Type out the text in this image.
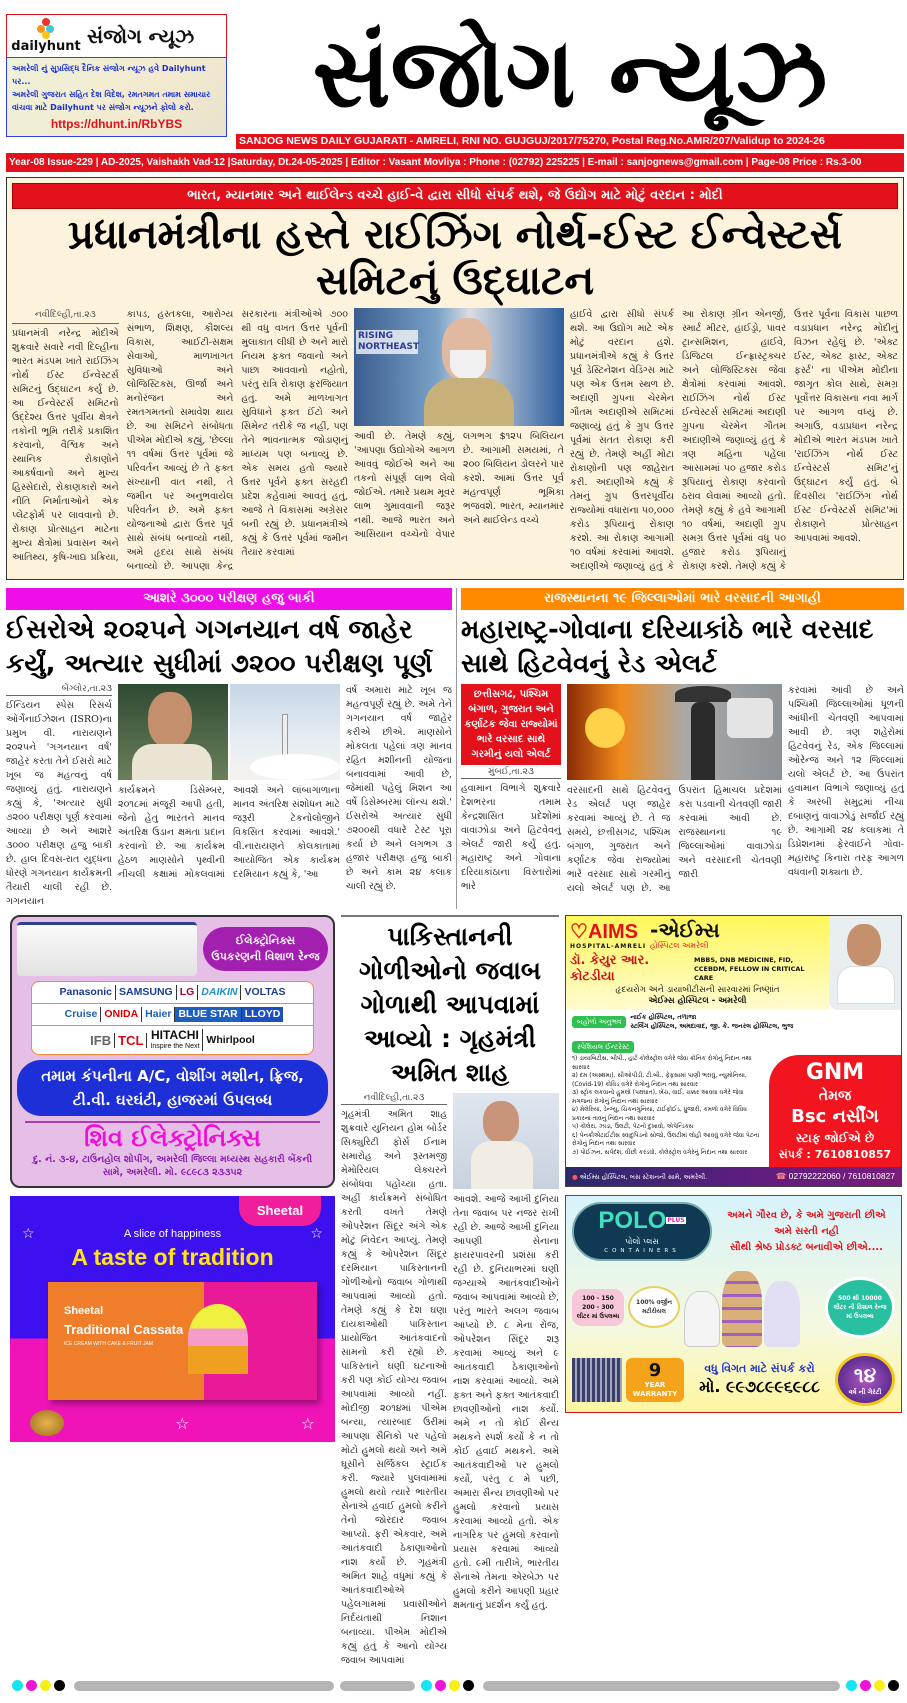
dailyhunt સંજોગ ન્યૂઝ
અમરેલી નું સુપ્રસિદ્ધ દૈનિક સંજોગ ન્યૂઝ હવે Dailyhunt પર...
અમરેલી ગુજરાત સહિત દેશ વિદેશ, રમતગમત તમામ સમાચાર
વાંચવા માટે Dailyhunt પર સંજોગ ન્યૂઝને ફોલો કરો.
https://dhunt.in/RbYBS	સંજોગ ન્યૂઝ
SANJOG NEWS DAILY GUJARATI - AMRELI, RNI NO. GUJGUJ/2017/75270, Postal Reg.No.AMR/207/Validup to 2024-26
Year-08 Issue-229 | AD-2025, Vaishakh Vad-12 |Saturday, Dt.24-05-2025 | Editor : Vasant Movliya : Phone : (02792) 225225 | E-mail : sanjognews@gmail.com | Page-08 Price : Rs.3-00
ભારત, મ્યાનમાર અને થાઈલેન્ડ વચ્ચે હાઈ-વે દ્વારા સીધો સંપર્ક થશે, જે ઉદ્યોગ માટે મોટું વરદાન : મોદી
પ્રધાનમંત્રીના હસ્તે રાઈઝિંગ નોર્થ-ઈસ્ટ ઈન્વેસ્ટર્સ સમિટનું ઉદ્ઘાટન
નવીદિલ્હી,તા.૨૩
પ્રધાનમંત્રી નરેન્દ્ર મોદીએ શુક્રવારે સવારે નવી દિલ્હીના ભારત મંડપમ ખાતે રાઈઝિંગ નોર્થ ઈસ્ટ ઈન્વેસ્ટર્સ સમિટનું ઉદ્ઘાટન કર્યું છે. આ ઈન્વેસ્ટર્સ સમિટનો ઉદ્દેશ્ય ઉત્તર પૂર્વીય ક્ષેત્રને તકોની ભૂમિ તરીકે પ્રકાશિત કરવાનો, વૈશ્વિક અને સ્થાનિક રોકાણોને આકર્ષવાનો અને મુખ્ય હિસ્સેદારો, રોકાણકારો અને નીતિ નિર્માતાઓને એક પ્લેટફોર્મ પર લાવવાનો છે. રોકાણ પ્રોત્સાહન માટેના મુખ્ય ક્ષેત્રોમાં પ્રવાસન અને આતિથ્ય, કૃષિ-ખાદ્ય પ્રક્રિયા, કાપડ, હસ્તકલા, આરોગ્ય સંભાળ, શિક્ષણ, કૌશલ્ય વિકાસ, આઈટી-સક્ષમ સેવાઓ, માળખાગત સુવિધાઓ અને લોજિસ્ટિક્સ, ઊર્જા અને મનોરંજન અને રમતગમતનો સમાવેશ થાય છે. આ સમિટને સંબોધતા પીએમ મોદીએ કહ્યું, 'છેલ્લા ૧૧ વર્ષમાં ઉત્તર પૂર્વમાં જે પરિવર્તન આવ્યું છે તે ફક્ત સંખ્યાની વાત નથી, તે જમીન પર અનુભવાયેલ પરિવર્તન છે. અમે ફક્ત યોજનાઓ દ્વારા ઉત્તર પૂર્વ સાથે સંબંધ બનાવ્યો નથી, અમે હૃદય સાથે સંબંધ બનાવ્યો છે. આપણા કેન્દ્ર સરકારના મંત્રીઓએ ૭૦૦ થી વધુ વખત ઉત્તર પૂર્વની મુલાકાત લીધી છે અને મારો નિયમ ફક્ત જવાનો અને પાછા આવવાનો નહોતો, પરંતુ રાત્રિ રોકાણ ફરજિયાત હતું. અમે માળખાગત સુવિધાને ફક્ત ઈંટો અને સિમેન્ટ તરીકે જ નહીં, પણ તેને ભાવનાત્મક જોડાણનું માધ્યમ પણ બનાવ્યું છે. એક સમય હતો જ્યારે ઉત્તર પૂર્વને ફક્ત સરહદી પ્રદેશ કહેવામાં આવતું હતું, આજે તે વિકાસમાં અગ્રેસર બની રહ્યું છે. પ્રધાનમંત્રીએ કહ્યું કે ઉત્તર પૂર્વમાં જમીન તૈયાર કરવામાં
RISING NORTHEAST
આવી છે. તેમણે કહ્યું, 'આપણા ઉદ્યોગોએ આગળ આવવું જોઈએ અને આ તકનો સંપૂર્ણ લાભ લેવો જોઈએ. તમારે પ્રથમ મૂવર લાભ ગુમાવવાની જરૂર નથી. આજે ભારત અને આસિયાન વચ્ચેનો વેપાર લગભગ $૧૨૫ બિલિયન છે. આગામી સમયમાં, તે ૨૦૦ બિલિયન ડોલરને પાર કરશે. આમાં ઉત્તર પૂર્વ મહત્વપૂર્ણ ભૂમિકા ભજવશે. ભારત, મ્યાનમાર અને થાઈલેન્ડ વચ્ચે
હાઈવે દ્વારા સીધો સંપર્ક થશે. આ ઉદ્યોગ માટે એક મોટું વરદાન હશે. પ્રધાનમંત્રીએ કહ્યું કે ઉત્તર પૂર્વ ડેસ્ટિનેશન વેડિંગ્સ માટે પણ એક ઉત્તમ સ્થળ છે. અદાણી ગ્રુપના ચેરમેન ગૌતમ અદાણીએ સમિટમાં જણાવ્યું હતું કે ગ્રુપ ઉત્તર પૂર્વમાં સતત રોકાણ કરી રહ્યું છે. તેમણે અહીં મોટા રોકાણોની પણ જાહેરાત કરી. અદાણીએ કહ્યું કે તેમનું ગ્રુપ ઉત્તરપૂર્વીય રાજ્યોમાં વધારાના ૫૦,૦૦૦ કરોડ રૂપિયાનું રોકાણ કરશે. આ રોકાણ આગામી ૧૦ વર્ષમાં કરવામાં આવશે. અદાણીએ જણાવ્યું હતું કે આ રોકાણ ગ્રીન એનર્જી, સ્માર્ટ મીટર, હાઈડ્રો, પાવર ટ્રાન્સમિશન, હાઈવે, ડિજિટલ ઈન્ફ્રાસ્ટ્રક્ચર અને લોજિસ્ટિક્સ જેવા ક્ષેત્રોમાં કરવામાં આવશે. રાઈઝિંગ નોર્થ ઈસ્ટ ઈન્વેસ્ટર્સ સમિટમાં અદાણી ગ્રુપના ચેરમેન ગૌતમ અદાણીએ જણાવ્યું હતું કે ત્રણ મહિના પહેલા આસામમાં ૫૦ હજાર કરોડ રૂપિયાનું રોકાણ કરવાનો ઠરાવ લેવામાં આવ્યો હતો. તેમણે કહ્યું કે હવે આગામી ૧૦ વર્ષમાં, અદાણી ગ્રુપ સમગ્ર ઉત્તર પૂર્વમાં વધુ ૫૦ હજાર કરોડ રૂપિયાનું રોકાણ કરશે. તેમણે કહ્યું કે ઉત્તર પૂર્વના વિકાસ પાછળ વડાપ્રધાન નરેન્દ્ર મોદીનું વિઝન રહેલું છે. 'એક્ટ ઈસ્ટ, એક્ટ ફાસ્ટ, એક્ટ ફર્સ્ટ' ના પીએમ મોદીના જાગૃત કોલ સાથે, સમગ્ર પૂર્વોત્તર વિકાસના નવા માર્ગ પર આગળ વધ્યું છે. અગાઉ, વડાપ્રધાન નરેન્દ્ર મોદીએ ભારત મંડપમ ખાતે 'રાઈઝિંગ નોર્થ ઈસ્ટ ઈન્વેસ્ટર્સ સમિટ'નું ઉદ્ઘાટન કર્યું હતું. બે દિવસીય 'રાઈઝિંગ નોર્થ ઈસ્ટ ઈન્વેસ્ટર્સ સમિટ'માં રોકાણને પ્રોત્સાહન આપવામાં આવશે.
આશરે ૩૦૦૦ પરીક્ષણ હજુ બાકી
ઈસરોએ ૨૦૨૫ને ગગનયાન વર્ષ જાહેર કર્યું, અત્યાર સુધીમાં ૭૨૦૦ પરીક્ષણ પૂર્ણ
બેંગ્લોર,તા.૨૩
ઈન્ડિયન સ્પેસ રિસર્ચ ઓર્ગેનાઈઝેશન (ISRO)ના પ્રમુખ વી. નારાયણને ૨૦૨૫ને 'ગગનયાન વર્ષ' જાહેર કરતા તેને ઈસરો માટે ખૂબ જ મહત્વનું વર્ષ જણાવ્યું હતું. નારાયણને કહ્યું કે, 'અત્યાર સુધી ૭૨૦૦ પરીક્ષણ પૂર્ણ કરવામાં આવ્યા છે અને આશરે ૩૦૦૦ પરીક્ષણ હજુ બાકી છે. હાલ દિવસ-રાત યુદ્ધના ધોરણે ગગનયાન કાર્યક્રમની તૈયારી ચાલી રહી છે. ગગનયાન
કાર્યક્રમને ડિસેમ્બર, ૨૦૧૮માં મંજૂરી આપી હતી, જેનો હેતુ ભારતને માનવ અંતરિક્ષ ઉડાન ક્ષમતા પ્રદાન કરવાનો છે. આ કાર્યક્રમ હેઠળ માણસોને પૃથ્વીની નીચલી કક્ષામાં મોકલવામાં આવશે અને લાંબાગાળાના માનવ અંતરિક્ષ સંશોધન માટે જરૂરી ટેકનોલોજીને વિકસિત કરવામાં આવશે.' વી.નારાયણને કોલકાતામાં આયોજિત એક કાર્યક્રમ દરમિયાન કહ્યું કે, 'આ
વર્ષ અમારા માટે ખૂબ જ મહત્વપૂર્ણ રહ્યું છે. અમે તેને ગગનયાન વર્ષ જાહેર કરીએ છીએ. માણસોને મોકલતા પહેલાં ત્રણ માનવ રહિત મશીનની યોજના બનાવવામાં આવી છે, જેમાંથી પહેલું મિશન આ વર્ષે ડિસેમ્બરમાં લૉન્ચ થશે.' ઈસરોએ અત્યાર સુધી ૭૨૦૦થી વધારે ટેસ્ટ પૂરા કર્યા છે અને લગભગ ૩ હજાર પરીક્ષણ હજુ બાકી છે અને કામ ૨૪ કલાક ચાલી રહ્યું છે.
રાજસ્થાનના ૧૯ જિલ્લાઓમાં ભારે વરસાદની આગાહી
મહારાષ્ટ્ર-ગોવાના દરિયાકાંઠે ભારે વરસાદ સાથે હિટવેવનું રેડ એલર્ટ
છત્તીસગઢ, પશ્ચિમ બંગાળ, ગુજરાત અને કર્ણાટક જેવા રાજ્યોમાં ભારે વરસાદ સાથે ગરમીનું યલો એલર્ટ
મુંબઈ,તા.૨૩
હવામાન વિભાગે શુક્રવારે દેશભરના તમામ કેન્દ્રશાસિત પ્રદેશોમાં વાવાઝોડા અને હિટવેવનું એલર્ટ જારી કર્યું હતું. મહારાષ્ટ્ર અને ગોવાના દરિયાકાંઠાના વિસ્તારોમાં ભારે
વરસાદની સાથે હિટવેવનું રેડ એલર્ટ પણ જાહેર કરવામાં આવ્યું છે. તે જ સમયે, છત્તીસગઢ, પશ્ચિમ બંગાળ, ગુજરાત અને કર્ણાટક જેવા રાજ્યોમાં ભારે વરસાદ સાથે ગરમીનું યલો એલર્ટ પણ છે. આ ઉપરાંત હિમાચલ પ્રદેશમાં કરા પડવાની ચેતવણી જારી કરવામાં આવી છે. રાજસ્થાનના ૧૯ જિલ્લાઓમાં વાવાઝોડા અને વરસાદની ચેતવણી જારી
કરવામાં આવી છે અને પશ્ચિમી જિલ્લાઓમાં ધૂળની આંધીની ચેતવણી આપવામાં આવી છે. ત્રણ શહેરોમાં હિટવેવનું રેડ, એક જિલ્લામાં ઓરેન્જ અને ૧૨ જિલ્લામાં યલો એલર્ટ છે. આ ઉપરાંત હવામાન વિભાગે જણાવ્યું હતું કે અરબી સમુદ્રમાં નીચા દબાણનું વાવાઝોડું સર્જાઈ રહ્યું છે. આગામી ૨૪ કલાકમાં તે ડિપ્રેશનમાં ફેરવાઈને ગોવા-મહારાષ્ટ્ર કિનારા તરફ આગળ વધવાની શક્યતા છે.
ઈલેક્ટ્રોનિક્સ ઉપકરણની વિશાળ રેન્જ
Panasonic SAMSUNG LG DAIKIN VOLTAS
Cruise ONIDA Haier BLUE STAR LLOYD
IFB TCL HITACHI
Inspire the Next
Whirlpool
તમામ કંપનીના A/C, વોશીંગ મશીન, ફ્રિજ, ટી.વી. ઘરઘંટી, હાજરમાં ઉપલબ્ધ
શિવ ઈલેક્ટ્રોનિક્સ
દુ. નં. ૩-૪, ટાઉનહોલ શોપીંગ, અમરેલી જિલ્લા મધ્યસ્થ સહકારી બેંકની સામે, અમરેલી. મો. ૯૮૯૮૩ ૨૩૩૫૨
Sheetal
☆	A slice of happiness	☆
A taste of tradition
Sheetal
Traditional Cassata
ICE CREAM WITH CAKE & FRUIT JAM
☆	☆
પાકિસ્તાનની ગોળીઓનો જવાબ ગોળાથી આપવામાં આવ્યો : ગૃહમંત્રી અમિત શાહ
નવીદિલ્હી,તા.૨૩
ગૃહમંત્રી અમિત શાહ શુક્રવારે યુનિયન હોમ બોર્ડર સિક્યુરિટી ફોર્સ ઈનામ સમારોહ અને રૂસ્તમજી મેમોરિયલ લેક્ચરને સંબોધવા પહોંચ્યા હતા. અહીં કાર્યક્રમને સંબોધિત કરતી વખતે તેમણે ઓપરેશન સિંદૂર અંગે એક મોટું નિવેદન આપ્યું. તેમણે કહ્યું કે ઓપરેશન સિંદૂર દરમિયાન પાકિસ્તાનની ગોળીઓનો જવાબ ગોળાથી આપવામાં આવ્યો હતો. તેમણે કહ્યું કે દેશ ઘણા દાયકાઓથી પાકિસ્તાન પ્રાયોજિત આતંકવાદનો સામનો કરી રહ્યો છે. પાકિસ્તાને ઘણી ઘટનાઓ કરી પણ કોઈ યોગ્ય જવાબ આપવામાં આવ્યો નહીં. મોદીજી ૨૦૧૪માં પીએમ બન્યા, ત્યારબાદ ઉરીમાં આપણા સૈનિકો પર પહેલો મોટો હુમલો થયો અને અમે ઘૂસીને સર્જિકલ સ્ટ્રાઈક કરી. જ્યારે પુલવામામાં હુમલો થયો ત્યારે ભારતીય સેનાએ હવાઈ હુમલો કરીને તેનો જોરદાર જવાબ આપ્યો. ફરી એકવાર, અમે આતંકવાદી ઠેકાણાઓનો નાશ કર્યો છે. ગૃહમંત્રી અમિત શાહે વધુમાં કહ્યું કે આતંકવાદીઓએ પહેલગામમાં પ્રવાસીઓને નિર્દયતાથી નિશાન બનાવ્યા. પીએમ મોદીએ કહ્યું હતું કે આનો યોગ્ય જવાબ આપવામાં
આવશે. આજે આખી દુનિયા તેના જવાબ પર નજર રાખી રહી છે. આજે આખી દુનિયા આપણી સેનાના ફાયરપાવરની પ્રશંસા કરી રહી છે. દુનિયાભરમાં ઘણી જગ્યાએ આતંકવાદીઓને જવાબ આપવામાં આવ્યો છે, પરંતુ ભારતે અલગ જવાબ આપ્યો છે. ૮ મેના રોજ, ઓપરેશન સિંદૂર શરૂ કરવામાં આવ્યું અને ૯ આતંકવાદી ઠેકાણાઓનો નાશ કરવામાં આવ્યો. અમે ફક્ત અને ફક્ત આતંકવાદી છાવણીઓનો નાશ કર્યો. અમે ન તો કોઈ સૈન્ય મથકને સ્પર્શ કર્યો કે ન તો કોઈ હવાઈ મથકને. અમે આતંકવાદીઓ પર હુમલો કર્યો, પરંતુ ૮ મે પછી, અમારા સૈન્ય છાવણીઓ પર હુમલો કરવાનો પ્રયાસ કરવામાં આવ્યો હતો. એક નાગરિક પર હુમલો કરવાનો પ્રયાસ કરવામાં આવ્યો હતો. ૯મી તારીખે, ભારતીય સેનાએ તેમના એરબેઝ પર હુમલો કરીને આપણી પ્રહાર ક્ષમતાનું પ્રદર્શન કર્યું હતું.
♡AIMS
HOSPITAL-AMRELI
-એઈમ્સ
હોસ્પિટલ અમરેલી
ડૉ. કેયુર આર. કોટડીયા
MBBS, DNB MEDICINE, FID, CCEBDM, FELLOW IN CRITICAL CARE
હૃદયરોગ અને ડાયાબીટીસની સારવારમાં નિષ્ણાંત
એઈમ્સ હોસ્પિટલ - અમરેલી
બહોળો અનુભવ
નાઈક હોસ્પિટલ, તળાજા
સ્ટર્લિંગ હોસ્પિટલ, અમદાવાદ, જી. કે. જનરલ હોસ્પિટલ, ભુજ
સ્પેશિયલ ઈન્ટરેસ્ટ
૧) ડાયાબિટીસ, બીપી., હાર્ટ કોલેસ્ટ્રોલ વગેરે જેવા ક્રોનિક રોગોનું નિદાન તથા સારવાર
૨) દમ (અસ્થમા), સીઓપીડી, ટી.બી., ફેફસામાં પાણી ભરાવું, ન્યુમોનિયા, (Covid-19) કોવિડ વગેરે રોગોનું નિદાન તથા સારવાર
૩) સ્ટ્રોક લકવાનો હુમલો (પક્ષઘાત), ખેંચ, વાઈ, ચક્કર આવવા વગેરે જેવા મગજના રોગોનું નિદાન તથા સારવાર
૪) મેલેરિયા, ડેન્ગ્યુ, ચિકનગુનિયા, ટાઈફોઈડ, ધ્રુજારી, કમળો વગેરે વિવિધ પ્રકારના તાવનું નિદાન તથા સારવાર
૫) કોલેરા, ઝાડા, ઉલટી, પેટનો દુખાવો, એપેન્ડિક્સ
૬) પેનક્રીએટાઈટીસ સ્વાદુપિંડનો સોજો, ઉલટીમાં લોહી આવવું વગેરે જેવા પેટના રોગોનું નિદાન તથા સારવાર
૭) પોઈઝન, સર્પદંશ, વીંછી કરડવો, કોલેસ્ટ્રોલ વગેરેનું નિદાન તથા સારવાર
GNM
તેમજ
Bsc નર્સીંગ
સ્ટાફ જોઈએ છે
સંપર્ક : 7610810857
● એઈમ્સ હોસ્પિટલ, બસ સ્ટેશનની સામે, અમરેલી.	☎ 02792222060 / 7610810827
$POLO^{PLUS}$
પોલો પ્લસ
CONTAINERS
અમને ગૌરવ છે, કે અમે ગુજરાતી છીએ
અમે સસ્તી નહી
સૌથી શ્રેષ્ઠ પ્રોડક્ટ બનાવીએ છીએ....
100 - 150
200 - 300
લીટર માં ઉપલબ્ધ
100% વર્જીન મટીરીયલ
500 થી 10000 લીટર ની વિશાળ રેન્જ માં ઉપલબ્ધ
9
YEAR WARRANTY
વધુ વિગત માટે સંપર્ક કરો
મો. ૯૯૭૮૯૯૬૯૮૮	૧૪
વર્ષ ની ગેરંટી
